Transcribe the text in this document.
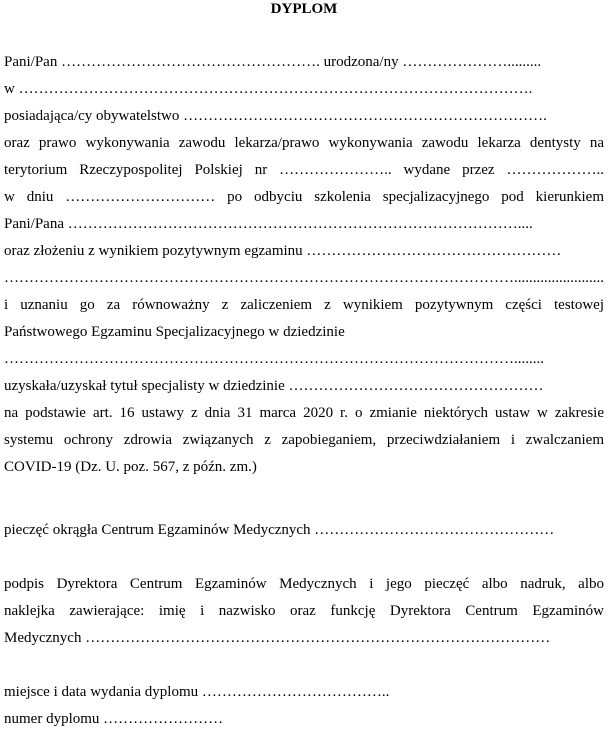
DYPLOM
Pani/Pan ……………………………………………. urodzona/ny ………………….........
w ………………………………………………………………………………………….
posiadająca/cy obywatelstwo ……………………………………………………………….
oraz prawo wykonywania zawodu lekarza/prawo wykonywania zawodu lekarza dentysty na
terytorium Rzeczypospolitej Polskiej nr ………………….. wydane przez ………………..
w dniu ………………………… po odbyciu szkolenia specjalizacyjnego pod kierunkiem
Pani/Pana ………………………………………………………………………………....
oraz złożeniu z wynikiem pozytywnym egzaminu ……………………………………………
…………………………………………………………………………………………........................
i uznaniu go za równoważny z zaliczeniem z wynikiem pozytywnym części testowej
Państwowego Egzaminu Specjalizacyjnego w dziedzinie
…………………………………………………………………………………………........
uzyskała/uzyskał tytuł specjalisty w dziedzinie ……………………………………………
na podstawie art. 16 ustawy z dnia 31 marca 2020 r. o zmianie niektórych ustaw w zakresie
systemu ochrony zdrowia związanych z zapobieganiem, przeciwdziałaniem i zwalczaniem
COVID-19 (Dz. U. poz. 567, z późn. zm.)
pieczęć okrągła Centrum Egzaminów Medycznych …………………………………………
podpis Dyrektora Centrum Egzaminów Medycznych i jego pieczęć albo nadruk, albo
naklejka zawierające: imię i nazwisko oraz funkcję Dyrektora Centrum Egzaminów
Medycznych …………………………………………………………………………………
miejsce i data wydania dyplomu ………………………………..
numer dyplomu ……………………
